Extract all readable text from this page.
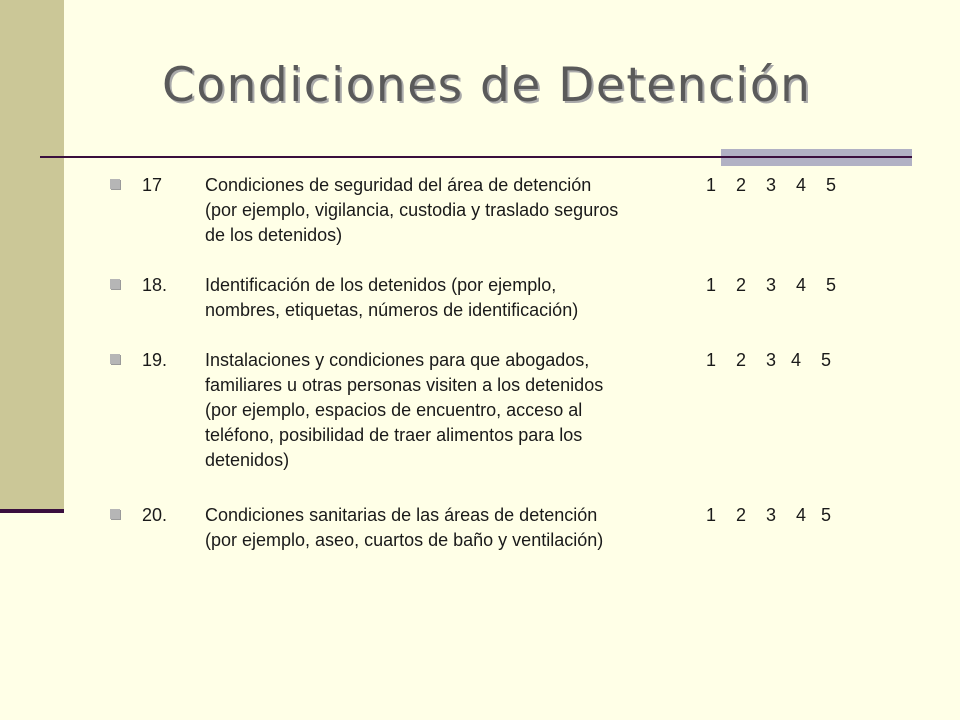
Condiciones de Detención
17 Condiciones de seguridad del área de detención
(por ejemplo, vigilancia, custodia y traslado seguros
de los detenidos)
1    2    3    4    5
18. Identificación de los detenidos (por ejemplo,
nombres, etiquetas, números de identificación)
1    2    3    4    5
19. Instalaciones y condiciones para que abogados,
familiares u otras personas visiten a los detenidos
(por ejemplo, espacios de encuentro, acceso al
teléfono, posibilidad de traer alimentos para los
detenidos)
1    2    3   4    5
20. Condiciones sanitarias de las áreas de detención
(por ejemplo, aseo, cuartos de baño y ventilación)
1    2    3    4   5
